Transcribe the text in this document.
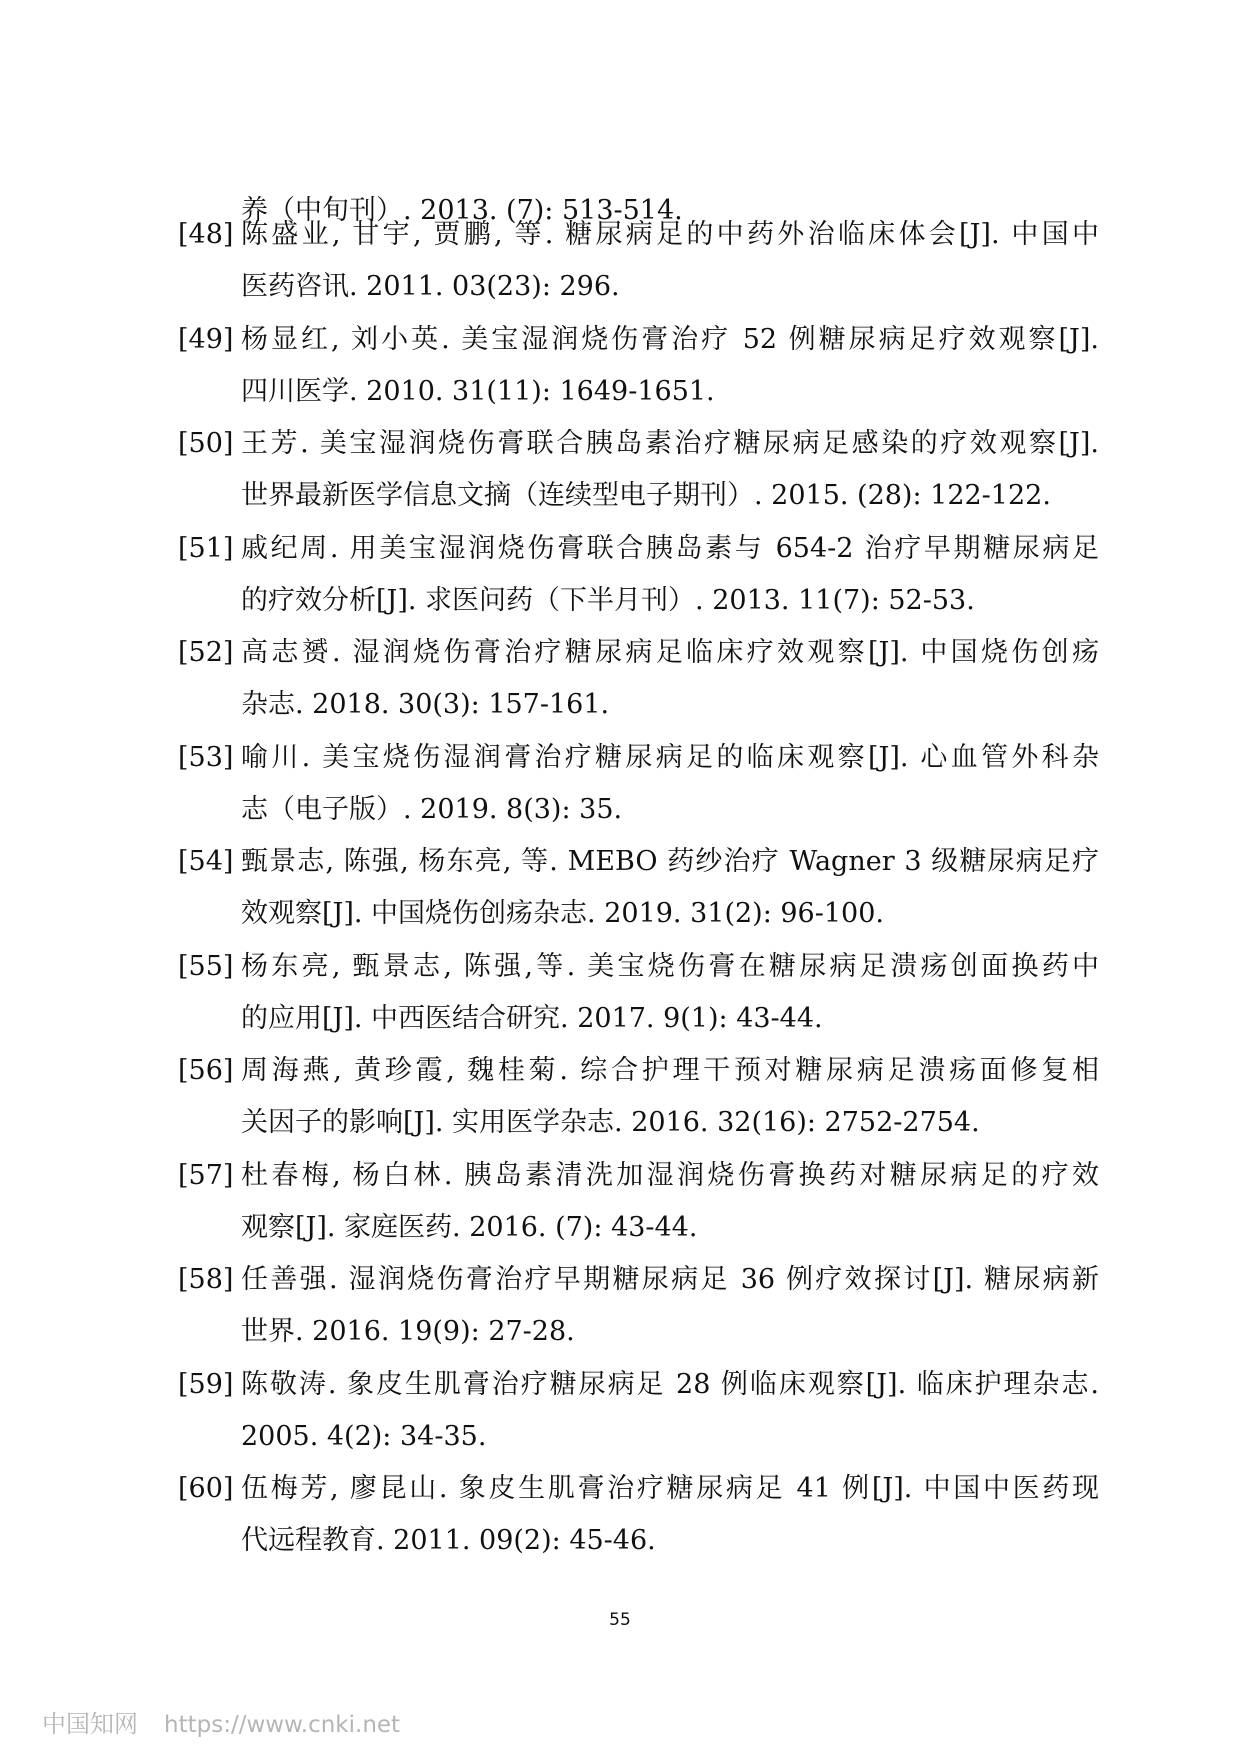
养（中旬刊）. 2013. (7): 513-514.
[48] 陈盛业, 甘宇, 贾鹏, 等. 糖尿病足的中药外治临床体会[J]. 中国中
医药咨讯. 2011. 03(23): 296.
[49] 杨显红, 刘小英. 美宝湿润烧伤膏治疗 52 例糖尿病足疗效观察[J].
四川医学. 2010. 31(11): 1649-1651.
[50] 王芳. 美宝湿润烧伤膏联合胰岛素治疗糖尿病足感染的疗效观察[J].
世界最新医学信息文摘（连续型电子期刊）. 2015. (28): 122-122.
[51] 戚纪周. 用美宝湿润烧伤膏联合胰岛素与 654-2 治疗早期糖尿病足
的疗效分析[J]. 求医问药（下半月刊）. 2013. 11(7): 52-53.
[52] 高志赟. 湿润烧伤膏治疗糖尿病足临床疗效观察[J]. 中国烧伤创疡
杂志. 2018. 30(3): 157-161.
[53] 喻川. 美宝烧伤湿润膏治疗糖尿病足的临床观察[J]. 心血管外科杂
志（电子版）. 2019. 8(3): 35.
[54] 甄景志, 陈强, 杨东亮, 等. MEBO 药纱治疗 Wagner 3 级糖尿病足疗
效观察[J]. 中国烧伤创疡杂志. 2019. 31(2): 96-100.
[55] 杨东亮, 甄景志, 陈强,等. 美宝烧伤膏在糖尿病足溃疡创面换药中
的应用[J]. 中西医结合研究. 2017. 9(1): 43-44.
[56] 周海燕, 黄珍霞, 魏桂菊. 综合护理干预对糖尿病足溃疡面修复相
关因子的影响[J]. 实用医学杂志. 2016. 32(16): 2752-2754.
[57] 杜春梅, 杨白林. 胰岛素清洗加湿润烧伤膏换药对糖尿病足的疗效
观察[J]. 家庭医药. 2016. (7): 43-44.
[58] 任善强. 湿润烧伤膏治疗早期糖尿病足 36 例疗效探讨[J]. 糖尿病新
世界. 2016. 19(9): 27-28.
[59] 陈敬涛. 象皮生肌膏治疗糖尿病足 28 例临床观察[J]. 临床护理杂志.
2005. 4(2): 34-35.
[60] 伍梅芳, 廖昆山. 象皮生肌膏治疗糖尿病足 41 例[J]. 中国中医药现
代远程教育. 2011. 09(2): 45-46.
55
中国知网 https://www.cnki.net
